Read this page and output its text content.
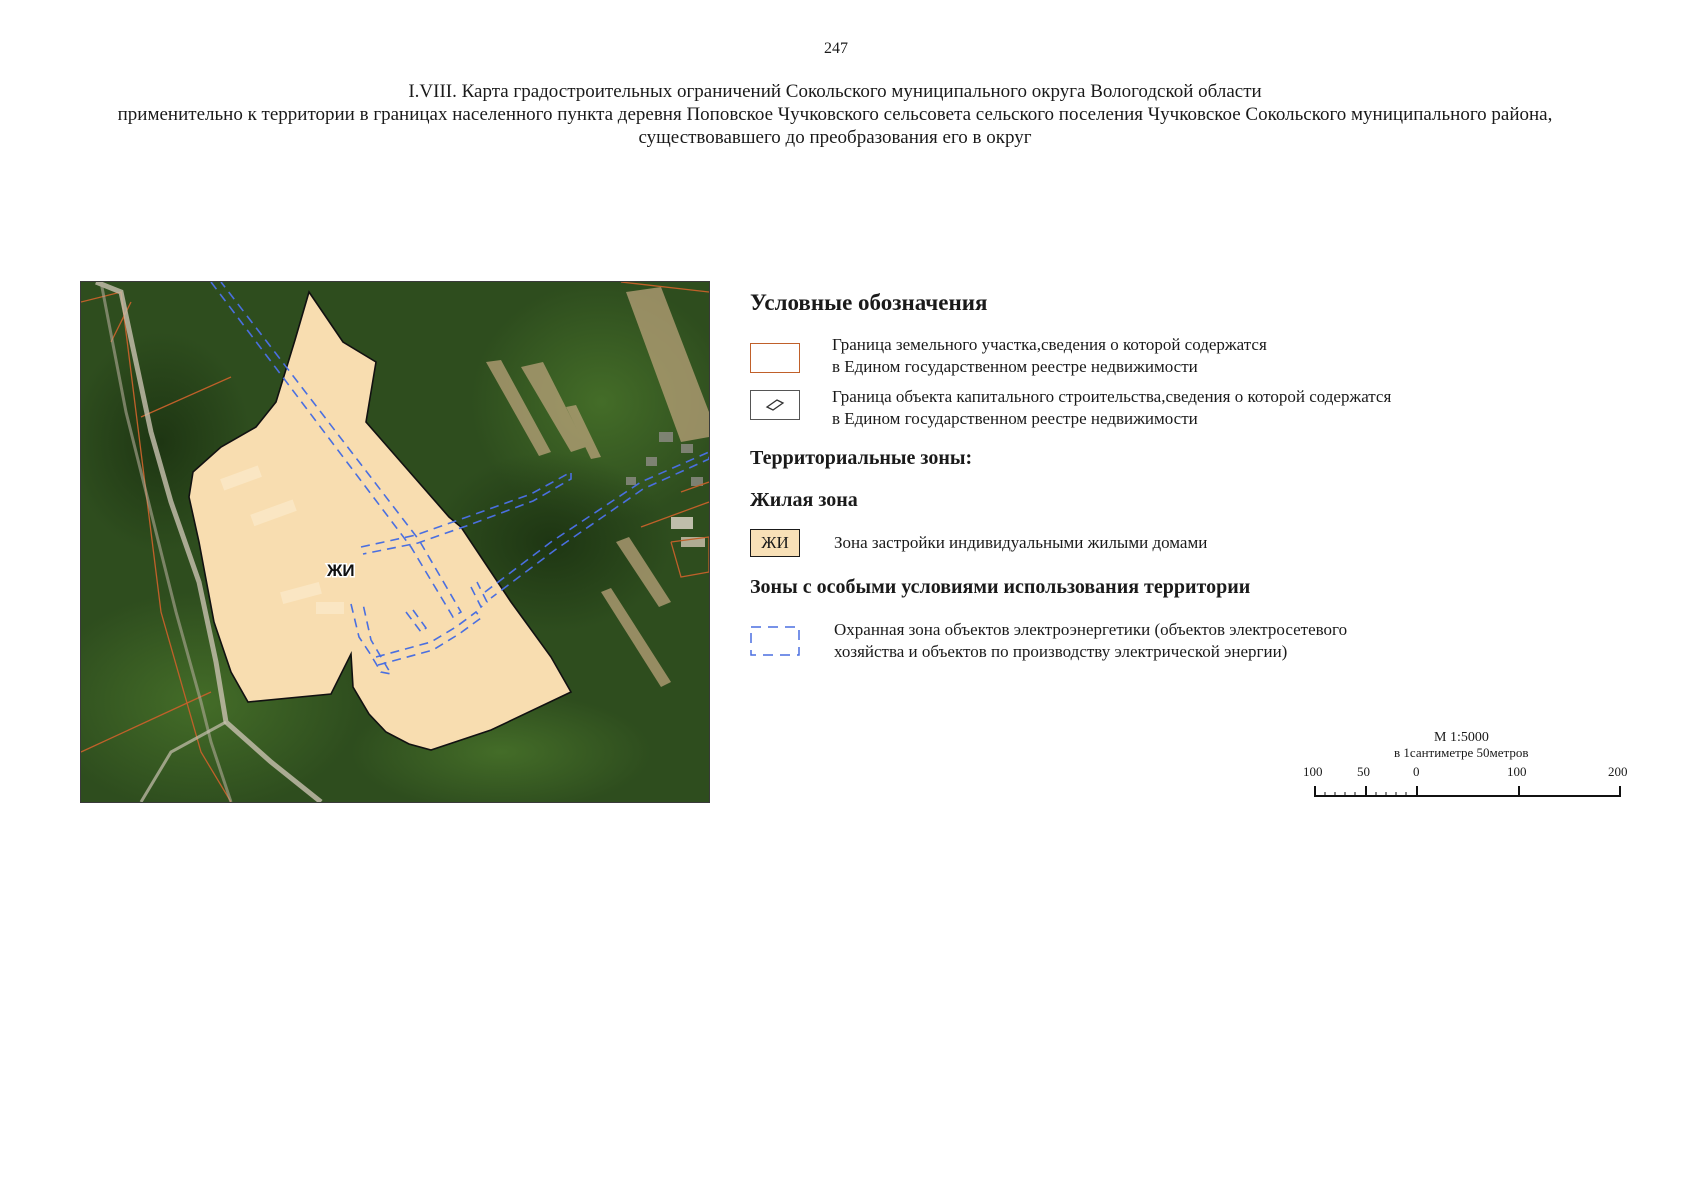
247
I.VIII. Карта градостроительных ограничений Сокольского муниципального округа Вологодской области
применительно к территории в границах населенного пункта деревня Поповское Чучковского сельсовета сельского поселения Чучковское Сокольского муниципального района,
существовавшего до преобразования его в округ
ЖИ
Условные обозначения
Граница земельного участка,сведения о которой содержатся
в Едином государственном реестре недвижимости
Граница объекта капитального строительства,сведения о которой содержатся
в Едином государственном реестре недвижимости
Территориальные зоны:
Жилая зона
ЖИ	Зона застройки индивидуальными жилыми домами
Зоны с особыми условиями использования территории
Охранная зона объектов электроэнергетики (объектов электросетевого
хозяйства и объектов по производству электрической энергии)
М 1:5000
в 1сантиметре 50метров
100	50	0	100	200
